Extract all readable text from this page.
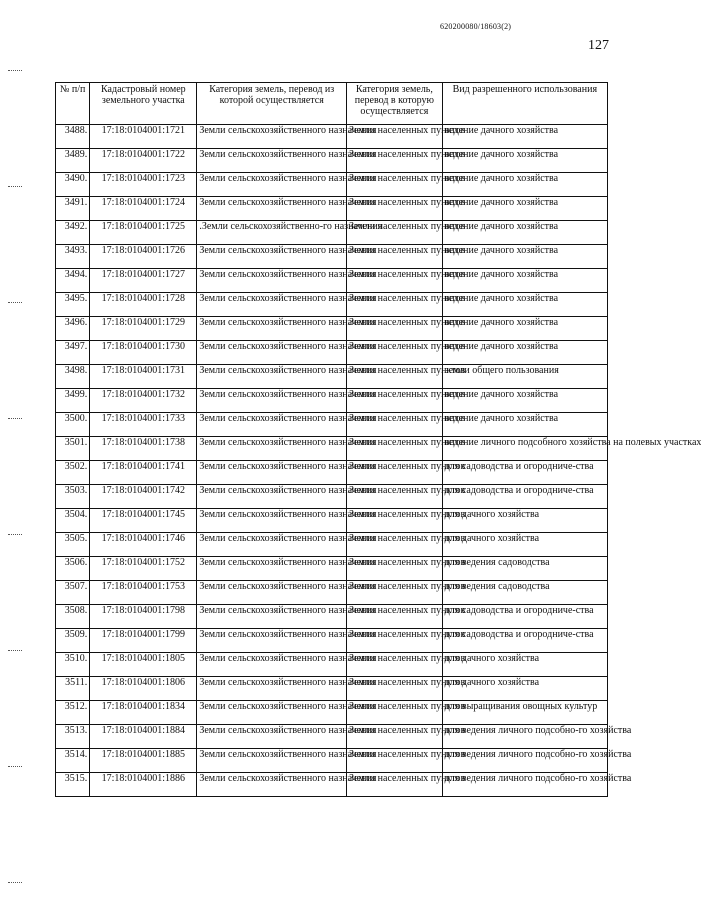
620200080/18603(2)
127
№ п/п	Кадастровый номер земельного участка	Категория земель, перевод из которой осуществляется	Категория земель, перевод в которую осуществляется	Вид разрешенного использования
3488.	17:18:0104001:1721	Земли сельскохозяйственного назначения	Земли населенных пунктов	ведение дачного хозяйства
3489.	17:18:0104001:1722	Земли сельскохозяйственного назначения	Земли населенных пунктов	ведение дачного хозяйства
3490.	17:18:0104001:1723	Земли сельскохозяйственного назначения	Земли населенных пунктов	ведение дачного хозяйства
3491.	17:18:0104001:1724	Земли сельскохозяйственного назначения	Земли населенных пунктов	ведение дачного хозяйства
3492.	17:18:0104001:1725	.Земли сельскохозяйственно-го назначения	Земли населенных пунктов	ведение дачного хозяйства
3493.	17:18:0104001:1726	Земли сельскохозяйственного назначения	Земли населенных пунктов	ведение дачного хозяйства
3494.	17:18:0104001:1727	Земли сельскохозяйственного назначения	Земли населенных пунктов	ведение дачного хозяйства
3495.	17:18:0104001:1728	Земли сельскохозяйственного назначения	Земли населенных пунктов	ведение дачного хозяйства
3496.	17:18:0104001:1729	Земли сельскохозяйственного назначения	Земли населенных пунктов	ведение дачного хозяйства
3497.	17:18:0104001:1730	Земли сельскохозяйственного назначения	Земли населенных пунктов	ведение дачного хозяйства
3498.	17:18:0104001:1731	Земли сельскохозяйственного назначения	Земли населенных пунктов	земли общего пользования
3499.	17:18:0104001:1732	Земли сельскохозяйственного назначения	Земли населенных пунктов	ведение дачного хозяйства
3500.	17:18:0104001:1733	Земли сельскохозяйственного назначения	Земли населенных пунктов	ведение дачного хозяйства
3501.	17:18:0104001:1738	Земли сельскохозяйственного назначения	Земли населенных пунктов	ведение личного подсобного хозяйства на полевых участках
3502.	17:18:0104001:1741	Земли сельскохозяйственного назначения	Земли населенных пунктов	для садоводства и огородниче-ства
3503.	17:18:0104001:1742	Земли сельскохозяйственного назначения	Земли населенных пунктов	для садоводства и огородниче-ства
3504.	17:18:0104001:1745	Земли сельскохозяйственного назначения	Земли населенных пунктов	для дачного хозяйства
3505.	17:18:0104001:1746	Земли сельскохозяйственного назначения	Земли населенных пунктов	для дачного хозяйства
3506.	17:18:0104001:1752	Земли сельскохозяйственного назначения	Земли населенных пунктов	для ведения садоводства
3507.	17:18:0104001:1753	Земли сельскохозяйственного назначения	Земли населенных пунктов	для ведения садоводства
3508.	17:18:0104001:1798	Земли сельскохозяйственного назначения	Земли населенных пунктов	для садоводства и огородниче-ства
3509.	17:18:0104001:1799	Земли сельскохозяйственного назначения	Земли населенных пунктов	для садоводства и огородниче-ства
3510.	17:18:0104001:1805	Земли сельскохозяйственного назначения	Земли населенных пунктов	для дачного хозяйства
3511.	17:18:0104001:1806	Земли сельскохозяйственного назначения	Земли населенных пунктов	для дачного хозяйства
3512.	17:18:0104001:1834	Земли сельскохозяйственного назначения	Земли населенных пунктов	для выращивания овощных культур
3513.	17:18:0104001:1884	Земли сельскохозяйственного назначения	Земли населенных пунктов	для ведения личного подсобно-го хозяйства
3514.	17:18:0104001:1885	Земли сельскохозяйственного назначения	Земли населенных пунктов	для ведения личного подсобно-го хозяйства
3515.	17:18:0104001:1886	Земли сельскохозяйственного назначения	Земли населенных пунктов	для ведения личного подсобно-го хозяйства
